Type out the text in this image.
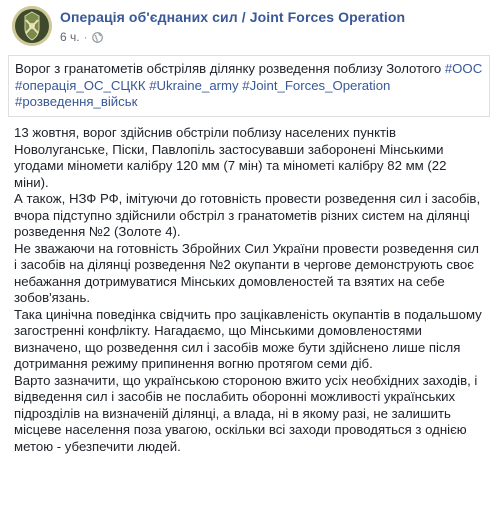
Операція об'єднаних сил / Joint Forces Operation
6 ч. ·
Ворог з гранатометів обстріляв ділянку розведення поблизу Золотого #ООС #операція_ОС_СЦКК #Ukraine_army #Joint_Forces_Operation #розведення_військ

13 жовтня, ворог здійснив обстріли поблизу населених пунктів Новолуганське, Піски, Павлопіль застосувавши заборонені Мінськими угодами міномети калібру 120 мм (7 мін) та мінометі калібру 82 мм (22 міни).

А також, НЗФ РФ, імітуючи до готовність провести розведення сил і засобів, вчора підступно здійснили обстріл з гранатометів різних систем на ділянці розведення №2 (Золоте 4).

Не зважаючи на готовність Збройних Сил України провести розведення сил і засобів на ділянці розведення №2 окупанти в черговe демонструють своє небажання дотримуватися Мінських домовленостей та взятих на себе зобов'язань.

Така цинічна поведінка свідчить про зацікавленість окупантів в подальшому загостренні конфлікту. Нагадаємо, що Мінськими домовленостями визначено, що розведення сил і засобів може бути здійснено лише після дотримання режиму припинення вогню протягом семи діб.

Варто зазначити, що українською стороною вжито усіх необхідних заходів, і відведення сил і засобів не послабить оборонні можливості українських підрозділів на визначеній ділянці, а влада, ні в якому разі, не залишить місцеве населення поза увагою, оскільки всі заходи проводяться з однією метою - убезпечити людей.
